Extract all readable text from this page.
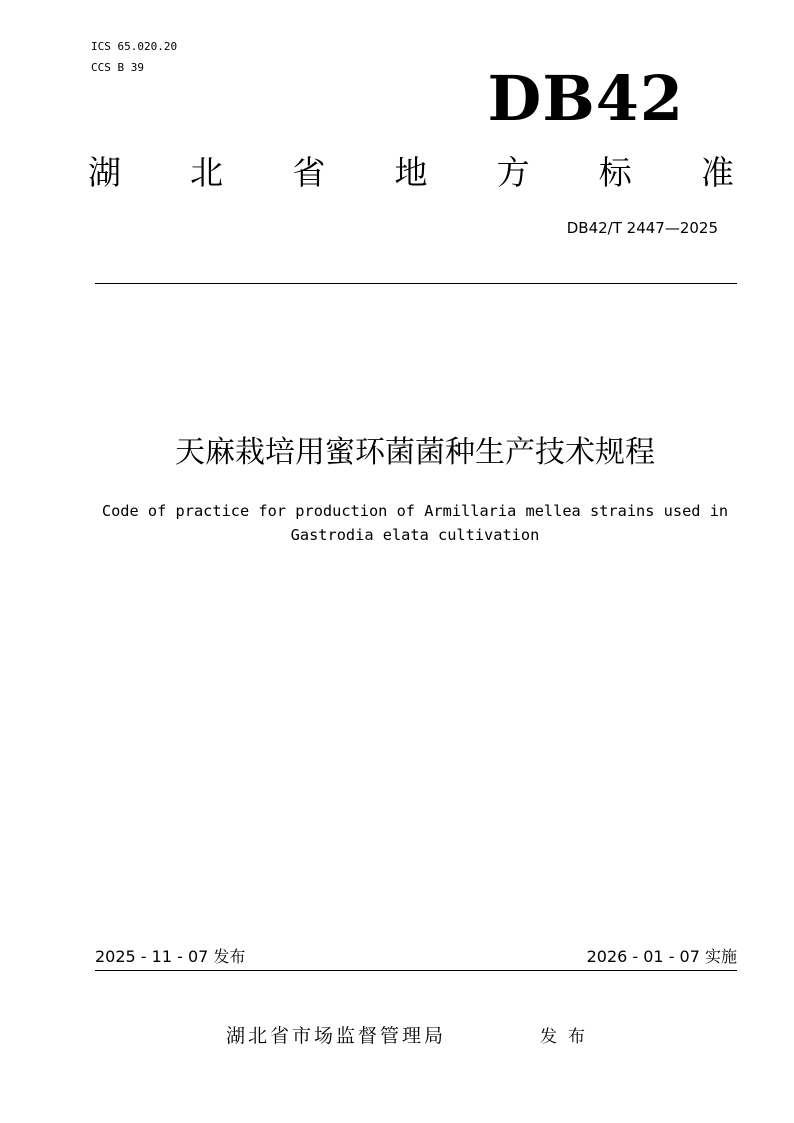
ICS 65.020.20
CCS B 39	DB42
湖 北 省 地 方 标 准
DB42/T 2447—2025
天麻栽培用蜜环菌菌种生产技术规程
Code of practice for production of Armillaria mellea strains used in
Gastrodia elata cultivation
2025 - 11 - 07 发布	2026 - 01 - 07 实施
湖北省市场监督管理局	发布
